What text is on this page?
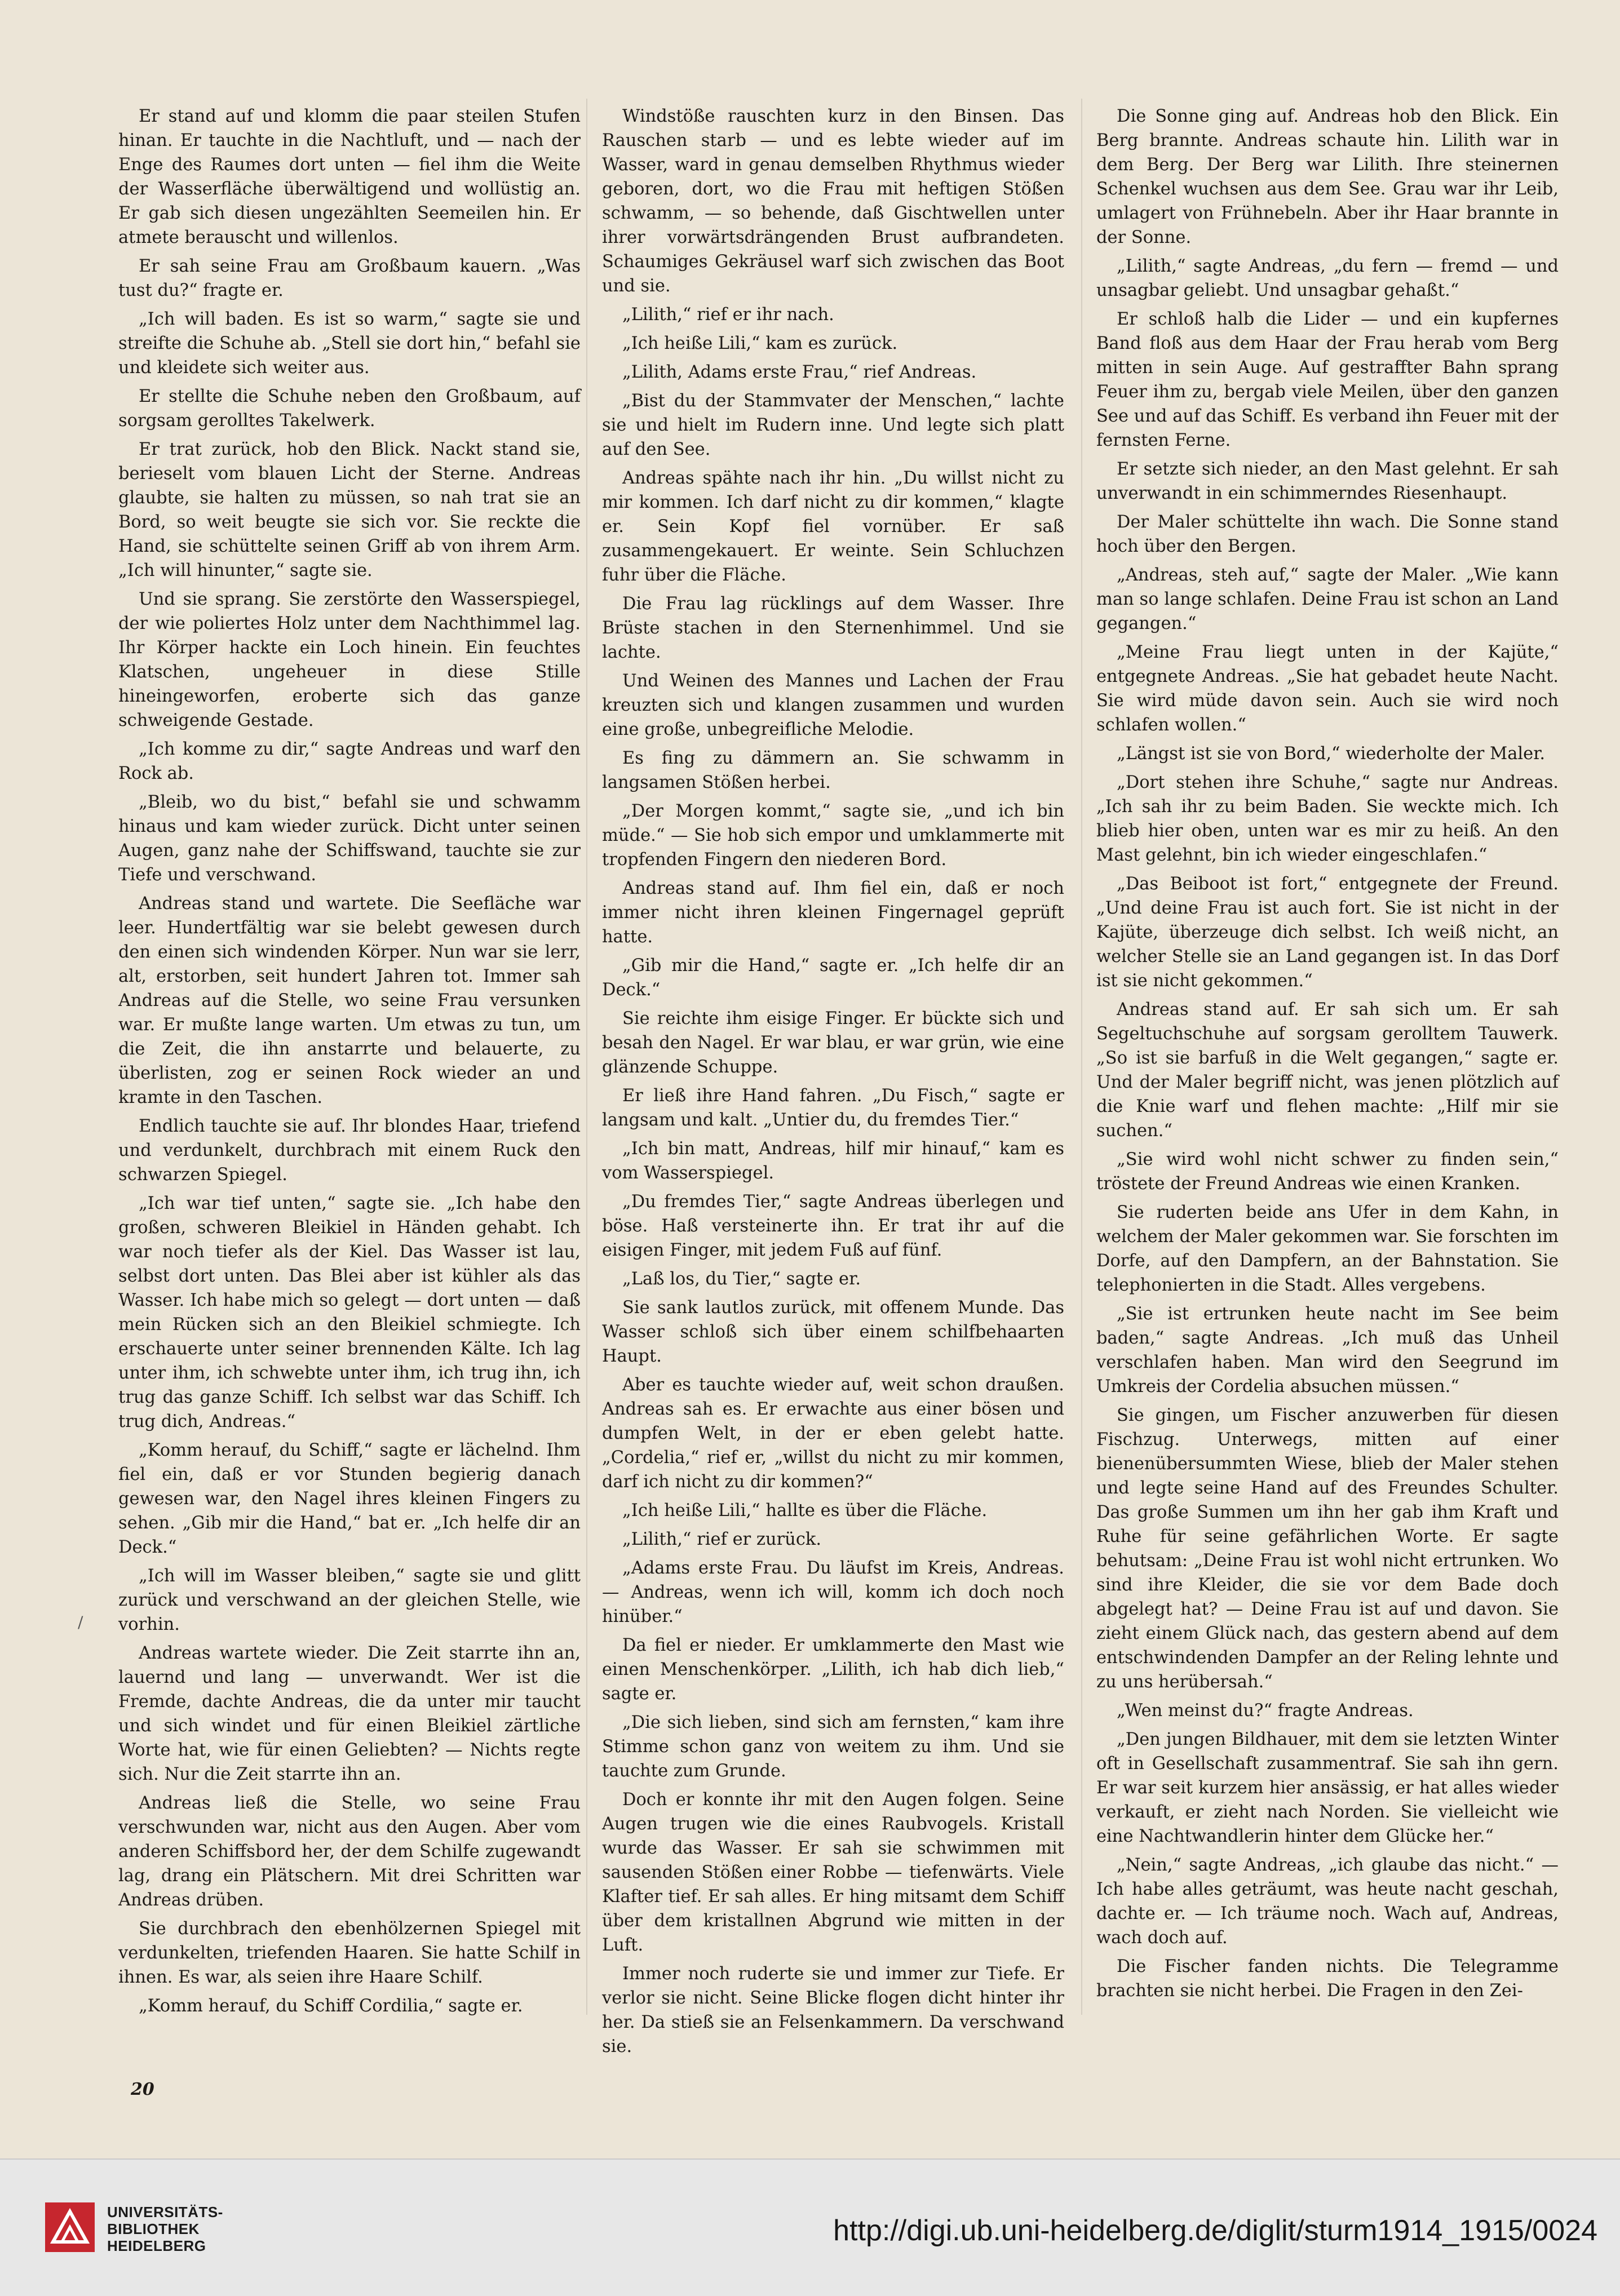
Er stand auf und klomm die paar steilen Stufen hinan. Er tauchte in die Nachtluft, und — nach der Enge des Raumes dort unten — fiel ihm die Weite der Wasserfläche überwältigend und wollüstig an. Er gab sich diesen ungezählten Seemeilen hin. Er atmete berauscht und willenlos.

Er sah seine Frau am Großbaum kauern. „Was tust du?“ fragte er.

„Ich will baden. Es ist so warm,“ sagte sie und streifte die Schuhe ab. „Stell sie dort hin,“ befahl sie und kleidete sich weiter aus.

Er stellte die Schuhe neben den Großbaum, auf sorgsam gerolltes Takelwerk.

Er trat zurück, hob den Blick. Nackt stand sie, berieselt vom blauen Licht der Sterne. Andreas glaubte, sie halten zu müssen, so nah trat sie an Bord, so weit beugte sie sich vor. Sie reckte die Hand, sie schüttelte seinen Griff ab von ihrem Arm. „Ich will hinunter,“ sagte sie.

Und sie sprang. Sie zerstörte den Wasserspiegel, der wie poliertes Holz unter dem Nachthimmel lag. Ihr Körper hackte ein Loch hinein. Ein feuchtes Klatschen, ungeheuer in diese Stille hineingeworfen, eroberte sich das ganze schweigende Gestade.

„Ich komme zu dir,“ sagte Andreas und warf den Rock ab.

„Bleib, wo du bist,“ befahl sie und schwamm hinaus und kam wieder zurück. Dicht unter seinen Augen, ganz nahe der Schiffswand, tauchte sie zur Tiefe und verschwand.

Andreas stand und wartete. Die Seefläche war leer. Hundertfältig war sie belebt gewesen durch den einen sich windenden Körper. Nun war sie lerr, alt, erstorben, seit hundert Jahren tot. Immer sah Andreas auf die Stelle, wo seine Frau versunken war. Er mußte lange warten. Um etwas zu tun, um die Zeit, die ihn anstarrte und belauerte, zu überlisten, zog er seinen Rock wieder an und kramte in den Taschen.

Endlich tauchte sie auf. Ihr blondes Haar, triefend und verdunkelt, durchbrach mit einem Ruck den schwarzen Spiegel.

„Ich war tief unten,“ sagte sie. „Ich habe den großen, schweren Bleikiel in Händen gehabt. Ich war noch tiefer als der Kiel. Das Wasser ist lau, selbst dort unten. Das Blei aber ist kühler als das Wasser. Ich habe mich so gelegt — dort unten — daß mein Rücken sich an den Bleikiel schmiegte. Ich erschauerte unter seiner brennenden Kälte. Ich lag unter ihm, ich schwebte unter ihm, ich trug ihn, ich trug das ganze Schiff. Ich selbst war das Schiff. Ich trug dich, Andreas.“

„Komm herauf, du Schiff,“ sagte er lächelnd. Ihm fiel ein, daß er vor Stunden begierig danach gewesen war, den Nagel ihres kleinen Fingers zu sehen. „Gib mir die Hand,“ bat er. „Ich helfe dir an Deck.“

„Ich will im Wasser bleiben,“ sagte sie und glitt zurück und verschwand an der gleichen Stelle, wie vorhin.

Andreas wartete wieder. Die Zeit starrte ihn an, lauernd und lang — unverwandt. Wer ist die Fremde, dachte Andreas, die da unter mir taucht und sich windet und für einen Bleikiel zärtliche Worte hat, wie für einen Geliebten? — Nichts regte sich. Nur die Zeit starrte ihn an.

Andreas ließ die Stelle, wo seine Frau verschwunden war, nicht aus den Augen. Aber vom anderen Schiffsbord her, der dem Schilfe zugewandt lag, drang ein Plätschern. Mit drei Schritten war Andreas drüben.

Sie durchbrach den ebenhölzernen Spiegel mit verdunkelten, triefenden Haaren. Sie hatte Schilf in ihnen. Es war, als seien ihre Haare Schilf.

„Komm herauf, du Schiff Cordilia,“ sagte er.

Windstöße rauschten kurz in den Binsen. Das Rauschen starb — und es lebte wieder auf im Wasser, ward in genau demselben Rhythmus wieder geboren, dort, wo die Frau mit heftigen Stößen schwamm, — so behende, daß Gischtwellen unter ihrer vorwärtsdrängenden Brust aufbrandeten. Schaumiges Gekräusel warf sich zwischen das Boot und sie.

„Lilith,“ rief er ihr nach.

„Ich heiße Lili,“ kam es zurück.

„Lilith, Adams erste Frau,“ rief Andreas.

„Bist du der Stammvater der Menschen,“ lachte sie und hielt im Rudern inne. Und legte sich platt auf den See.

Andreas spähte nach ihr hin. „Du willst nicht zu mir kommen. Ich darf nicht zu dir kommen,“ klagte er. Sein Kopf fiel vornüber. Er saß zusammengekauert. Er weinte. Sein Schluchzen fuhr über die Fläche.

Die Frau lag rücklings auf dem Wasser. Ihre Brüste stachen in den Sternenhimmel. Und sie lachte.

Und Weinen des Mannes und Lachen der Frau kreuzten sich und klangen zusammen und wurden eine große, unbegreifliche Melodie.

Es fing zu dämmern an. Sie schwamm in langsamen Stößen herbei.

„Der Morgen kommt,“ sagte sie, „und ich bin müde.“ — Sie hob sich empor und umklammerte mit tropfenden Fingern den niederen Bord.

Andreas stand auf. Ihm fiel ein, daß er noch immer nicht ihren kleinen Fingernagel geprüft hatte.

„Gib mir die Hand,“ sagte er. „Ich helfe dir an Deck.“

Sie reichte ihm eisige Finger. Er bückte sich und besah den Nagel. Er war blau, er war grün, wie eine glänzende Schuppe.

Er ließ ihre Hand fahren. „Du Fisch,“ sagte er langsam und kalt. „Untier du, du fremdes Tier.“

„Ich bin matt, Andreas, hilf mir hinauf,“ kam es vom Wasserspiegel.

„Du fremdes Tier,“ sagte Andreas überlegen und böse. Haß versteinerte ihn. Er trat ihr auf die eisigen Finger, mit jedem Fuß auf fünf.

„Laß los, du Tier,“ sagte er.

Sie sank lautlos zurück, mit offenem Munde. Das Wasser schloß sich über einem schilfbehaarten Haupt.

Aber es tauchte wieder auf, weit schon draußen. Andreas sah es. Er erwachte aus einer bösen und dumpfen Welt, in der er eben gelebt hatte. „Cordelia,“ rief er, „willst du nicht zu mir kommen, darf ich nicht zu dir kommen?“

„Ich heiße Lili,“ hallte es über die Fläche.

„Lilith,“ rief er zurück.

„Adams erste Frau. Du läufst im Kreis, Andreas. — Andreas, wenn ich will, komm ich doch noch hinüber.“

Da fiel er nieder. Er umklammerte den Mast wie einen Menschenkörper. „Lilith, ich hab dich lieb,“ sagte er.

„Die sich lieben, sind sich am fernsten,“ kam ihre Stimme schon ganz von weitem zu ihm. Und sie tauchte zum Grunde.

Doch er konnte ihr mit den Augen folgen. Seine Augen trugen wie die eines Raubvogels. Kristall wurde das Wasser. Er sah sie schwimmen mit sausenden Stößen einer Robbe — tiefenwärts. Viele Klafter tief. Er sah alles. Er hing mitsamt dem Schiff über dem kristallnen Abgrund wie mitten in der Luft.

Immer noch ruderte sie und immer zur Tiefe. Er verlor sie nicht. Seine Blicke flogen dicht hinter ihr her. Da stieß sie an Felsenkammern. Da verschwand sie.

Die Sonne ging auf. Andreas hob den Blick. Ein Berg brannte. Andreas schaute hin. Lilith war in dem Berg. Der Berg war Lilith. Ihre steinernen Schenkel wuchsen aus dem See. Grau war ihr Leib, umlagert von Frühnebeln. Aber ihr Haar brannte in der Sonne.

„Lilith,“ sagte Andreas, „du fern — fremd — und unsagbar geliebt. Und unsagbar gehaßt.“

Er schloß halb die Lider — und ein kupfernes Band floß aus dem Haar der Frau herab vom Berg mitten in sein Auge. Auf gestraffter Bahn sprang Feuer ihm zu, bergab viele Meilen, über den ganzen See und auf das Schiff. Es verband ihn Feuer mit der fernsten Ferne.

Er setzte sich nieder, an den Mast gelehnt. Er sah unverwandt in ein schimmerndes Riesenhaupt.

Der Maler schüttelte ihn wach. Die Sonne stand hoch über den Bergen.

„Andreas, steh auf,“ sagte der Maler. „Wie kann man so lange schlafen. Deine Frau ist schon an Land gegangen.“

„Meine Frau liegt unten in der Kajüte,“ entgegnete Andreas. „Sie hat gebadet heute Nacht. Sie wird müde davon sein. Auch sie wird noch schlafen wollen.“

„Längst ist sie von Bord,“ wiederholte der Maler.

„Dort stehen ihre Schuhe,“ sagte nur Andreas. „Ich sah ihr zu beim Baden. Sie weckte mich. Ich blieb hier oben, unten war es mir zu heiß. An den Mast gelehnt, bin ich wieder eingeschlafen.“

„Das Beiboot ist fort,“ entgegnete der Freund. „Und deine Frau ist auch fort. Sie ist nicht in der Kajüte, überzeuge dich selbst. Ich weiß nicht, an welcher Stelle sie an Land gegangen ist. In das Dorf ist sie nicht gekommen.“

Andreas stand auf. Er sah sich um. Er sah Segeltuchschuhe auf sorgsam gerolltem Tauwerk. „So ist sie barfuß in die Welt gegangen,“ sagte er. Und der Maler begriff nicht, was jenen plötzlich auf die Knie warf und flehen machte: „Hilf mir sie suchen.“

„Sie wird wohl nicht schwer zu finden sein,“ tröstete der Freund Andreas wie einen Kranken.

Sie ruderten beide ans Ufer in dem Kahn, in welchem der Maler gekommen war. Sie forschten im Dorfe, auf den Dampfern, an der Bahnstation. Sie telephonierten in die Stadt. Alles vergebens.

„Sie ist ertrunken heute nacht im See beim baden,“ sagte Andreas. „Ich muß das Unheil verschlafen haben. Man wird den Seegrund im Umkreis der Cordelia absuchen müssen.“

Sie gingen, um Fischer anzuwerben für diesen Fischzug. Unterwegs, mitten auf einer bienenübersummten Wiese, blieb der Maler stehen und legte seine Hand auf des Freundes Schulter. Das große Summen um ihn her gab ihm Kraft und Ruhe für seine gefährlichen Worte. Er sagte behutsam: „Deine Frau ist wohl nicht ertrunken. Wo sind ihre Kleider, die sie vor dem Bade doch abgelegt hat? — Deine Frau ist auf und davon. Sie zieht einem Glück nach, das gestern abend auf dem entschwindenden Dampfer an der Reling lehnte und zu uns herübersah.“

„Wen meinst du?“ fragte Andreas.

„Den jungen Bildhauer, mit dem sie letzten Winter oft in Gesellschaft zusammentraf. Sie sah ihn gern. Er war seit kurzem hier ansässig, er hat alles wieder verkauft, er zieht nach Norden. Sie vielleicht wie eine Nachtwandlerin hinter dem Glücke her.“

„Nein,“ sagte Andreas, „ich glaube das nicht.“ — Ich habe alles geträumt, was heute nacht geschah, dachte er. — Ich träume noch. Wach auf, Andreas, wach doch auf.

Die Fischer fanden nichts. Die Telegramme brachten sie nicht herbei. Die Fragen in den Zei-

20
/
UNIVERSITÄTS-
BIBLIOTHEK
HEIDELBERG	http://digi.ub.uni-heidelberg.de/diglit/sturm1914_1915/0024
